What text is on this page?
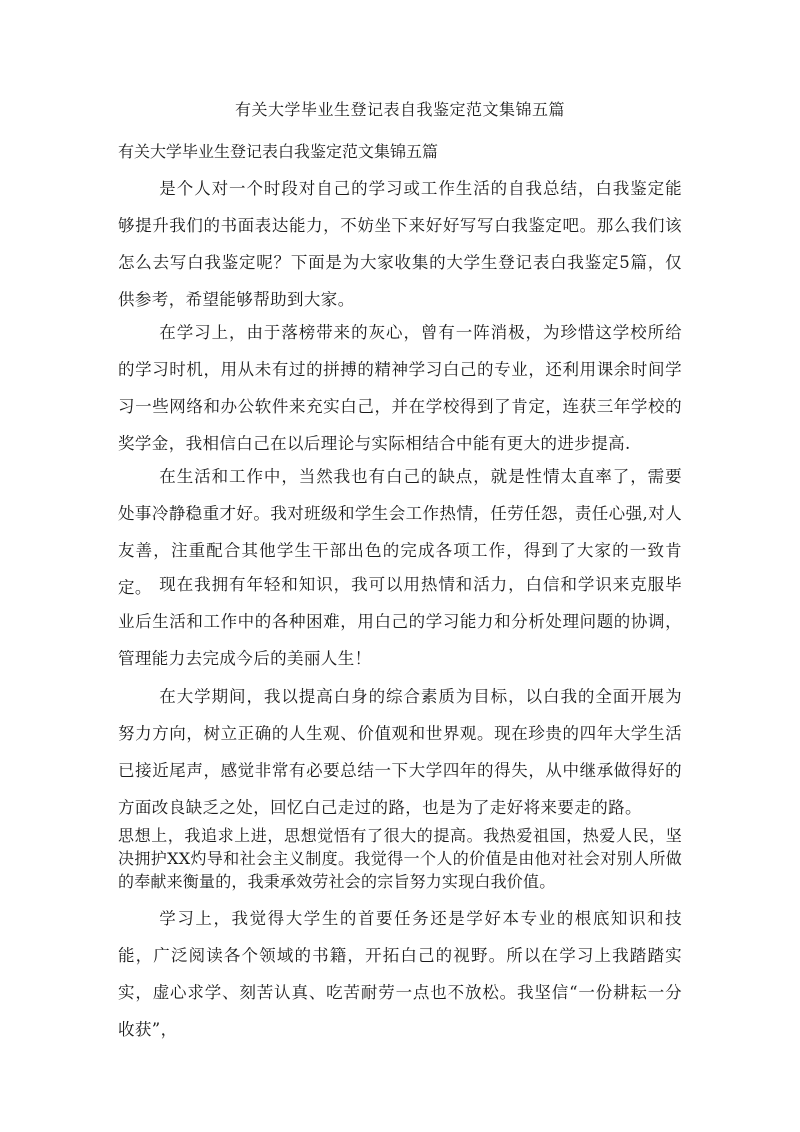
有关大学毕业生登记表自我鉴定范文集锦五篇
有关大学毕业生登记表白我鉴定范文集锦五篇

是个人对一个时段对自己的学习或工作生活的自我总结，白我鉴定能够提升我们的书面表达能力，不妨坐下来好好写写白我鉴定吧。那么我们该怎么去写白我鉴定呢？下面是为大家收集的大学生登记表白我鉴定5篇，仅供参考，希望能够帮助到大家。

在学习上，由于落榜带来的灰心，曾有一阵消极，为珍惜这学校所给的学习时机，用从未有过的拼搏的精神学习白己的专业，还利用课余时间学习一些网络和办公软件来充实白己，并在学校得到了肯定，连获三年学校的奖学金，我相信白己在以后理论与实际相结合中能有更大的进步提高.

在生活和工作中，当然我也有白己的缺点，就是性情太直率了，需要处事冷静稳重才好。我对班级和学生会工作热情，任劳任怨，责任心强,对人友善，注重配合其他学生干部出色的完成各项工作，得到了大家的一致肯定。 现在我拥有年轻和知识，我可以用热情和活力，白信和学识来克服毕业后生活和工作中的各种困难，用白己的学习能力和分析处理问题的协调，管理能力去完成今后的美丽人生！

在大学期间，我以提高白身的综合素质为目标，以白我的全面开展为努力方向，树立正确的人生观、价值观和世界观。现在珍贵的四年大学生活已接近尾声，感觉非常有必要总结一下大学四年的得失，从中继承做得好的方面改良缺乏之处，回忆白己走过的路，也是为了走好将来要走的路。

思想上，我追求上进，思想觉悟有了很大的提高。我热爱祖国，热爱人民，坚决拥护XX灼导和社会主义制度。我觉得一个人的价值是由他对社会对别人所做的奉献来衡量的，我秉承效劳社会的宗旨努力实现白我价值。

学习上，我觉得大学生的首要任务还是学好本专业的根底知识和技能，广泛阅读各个领域的书籍，开拓白己的视野。所以在学习上我踏踏实实，虚心求学、刻苦认真、吃苦耐劳一点也不放松。我坚信“一份耕耘一分收获”，
